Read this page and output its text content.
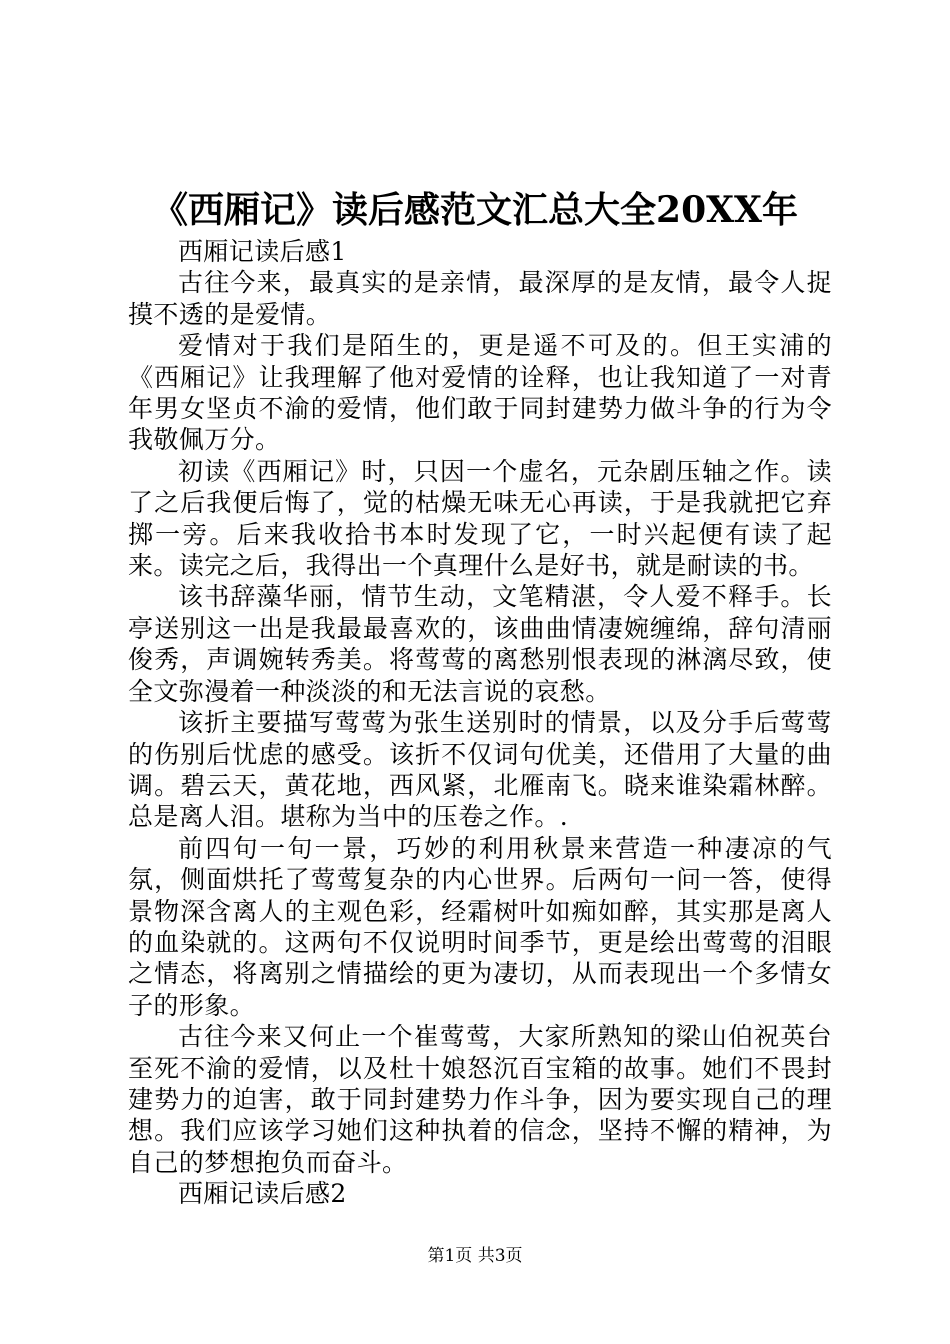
《西厢记》读后感范文汇总大全20XX年

西厢记读后感1

古往今来，最真实的是亲情，最深厚的是友情，最令人捉摸不透的是爱情。

爱情对于我们是陌生的，更是遥不可及的。但王实浦的《西厢记》让我理解了他对爱情的诠释，也让我知道了一对青年男女坚贞不渝的爱情，他们敢于同封建势力做斗争的行为令我敬佩万分。

初读《西厢记》时，只因一个虚名，元杂剧压轴之作。读了之后我便后悔了，觉的枯燥无味无心再读，于是我就把它弃掷一旁。后来我收拾书本时发现了它，一时兴起便有读了起来。读完之后，我得出一个真理什么是好书，就是耐读的书。

该书辞藻华丽，情节生动，文笔精湛，令人爱不释手。长亭送别这一出是我最最喜欢的，该曲曲情凄婉缠绵，辞句清丽俊秀，声调婉转秀美。将莺莺的离愁别恨表现的淋漓尽致，使全文弥漫着一种淡淡的和无法言说的哀愁。

该折主要描写莺莺为张生送别时的情景，以及分手后莺莺的伤别后忧虑的感受。该折不仅词句优美，还借用了大量的曲调。碧云天，黄花地，西风紧，北雁南飞。晓来谁染霜林醉。总是离人泪。堪称为当中的压卷之作。.

前四句一句一景，巧妙的利用秋景来营造一种凄凉的气氛，侧面烘托了莺莺复杂的内心世界。后两句一问一答，使得景物深含离人的主观色彩，经霜树叶如痴如醉，其实那是离人的血染就的。这两句不仅说明时间季节，更是绘出莺莺的泪眼之情态，将离别之情描绘的更为凄切，从而表现出一个多情女子的形象。

古往今来又何止一个崔莺莺，大家所熟知的梁山伯祝英台至死不渝的爱情，以及杜十娘怒沉百宝箱的故事。她们不畏封建势力的迫害，敢于同封建势力作斗争，因为要实现自己的理想。我们应该学习她们这种执着的信念，坚持不懈的精神，为自己的梦想抱负而奋斗。

西厢记读后感2

第1页 共3页
